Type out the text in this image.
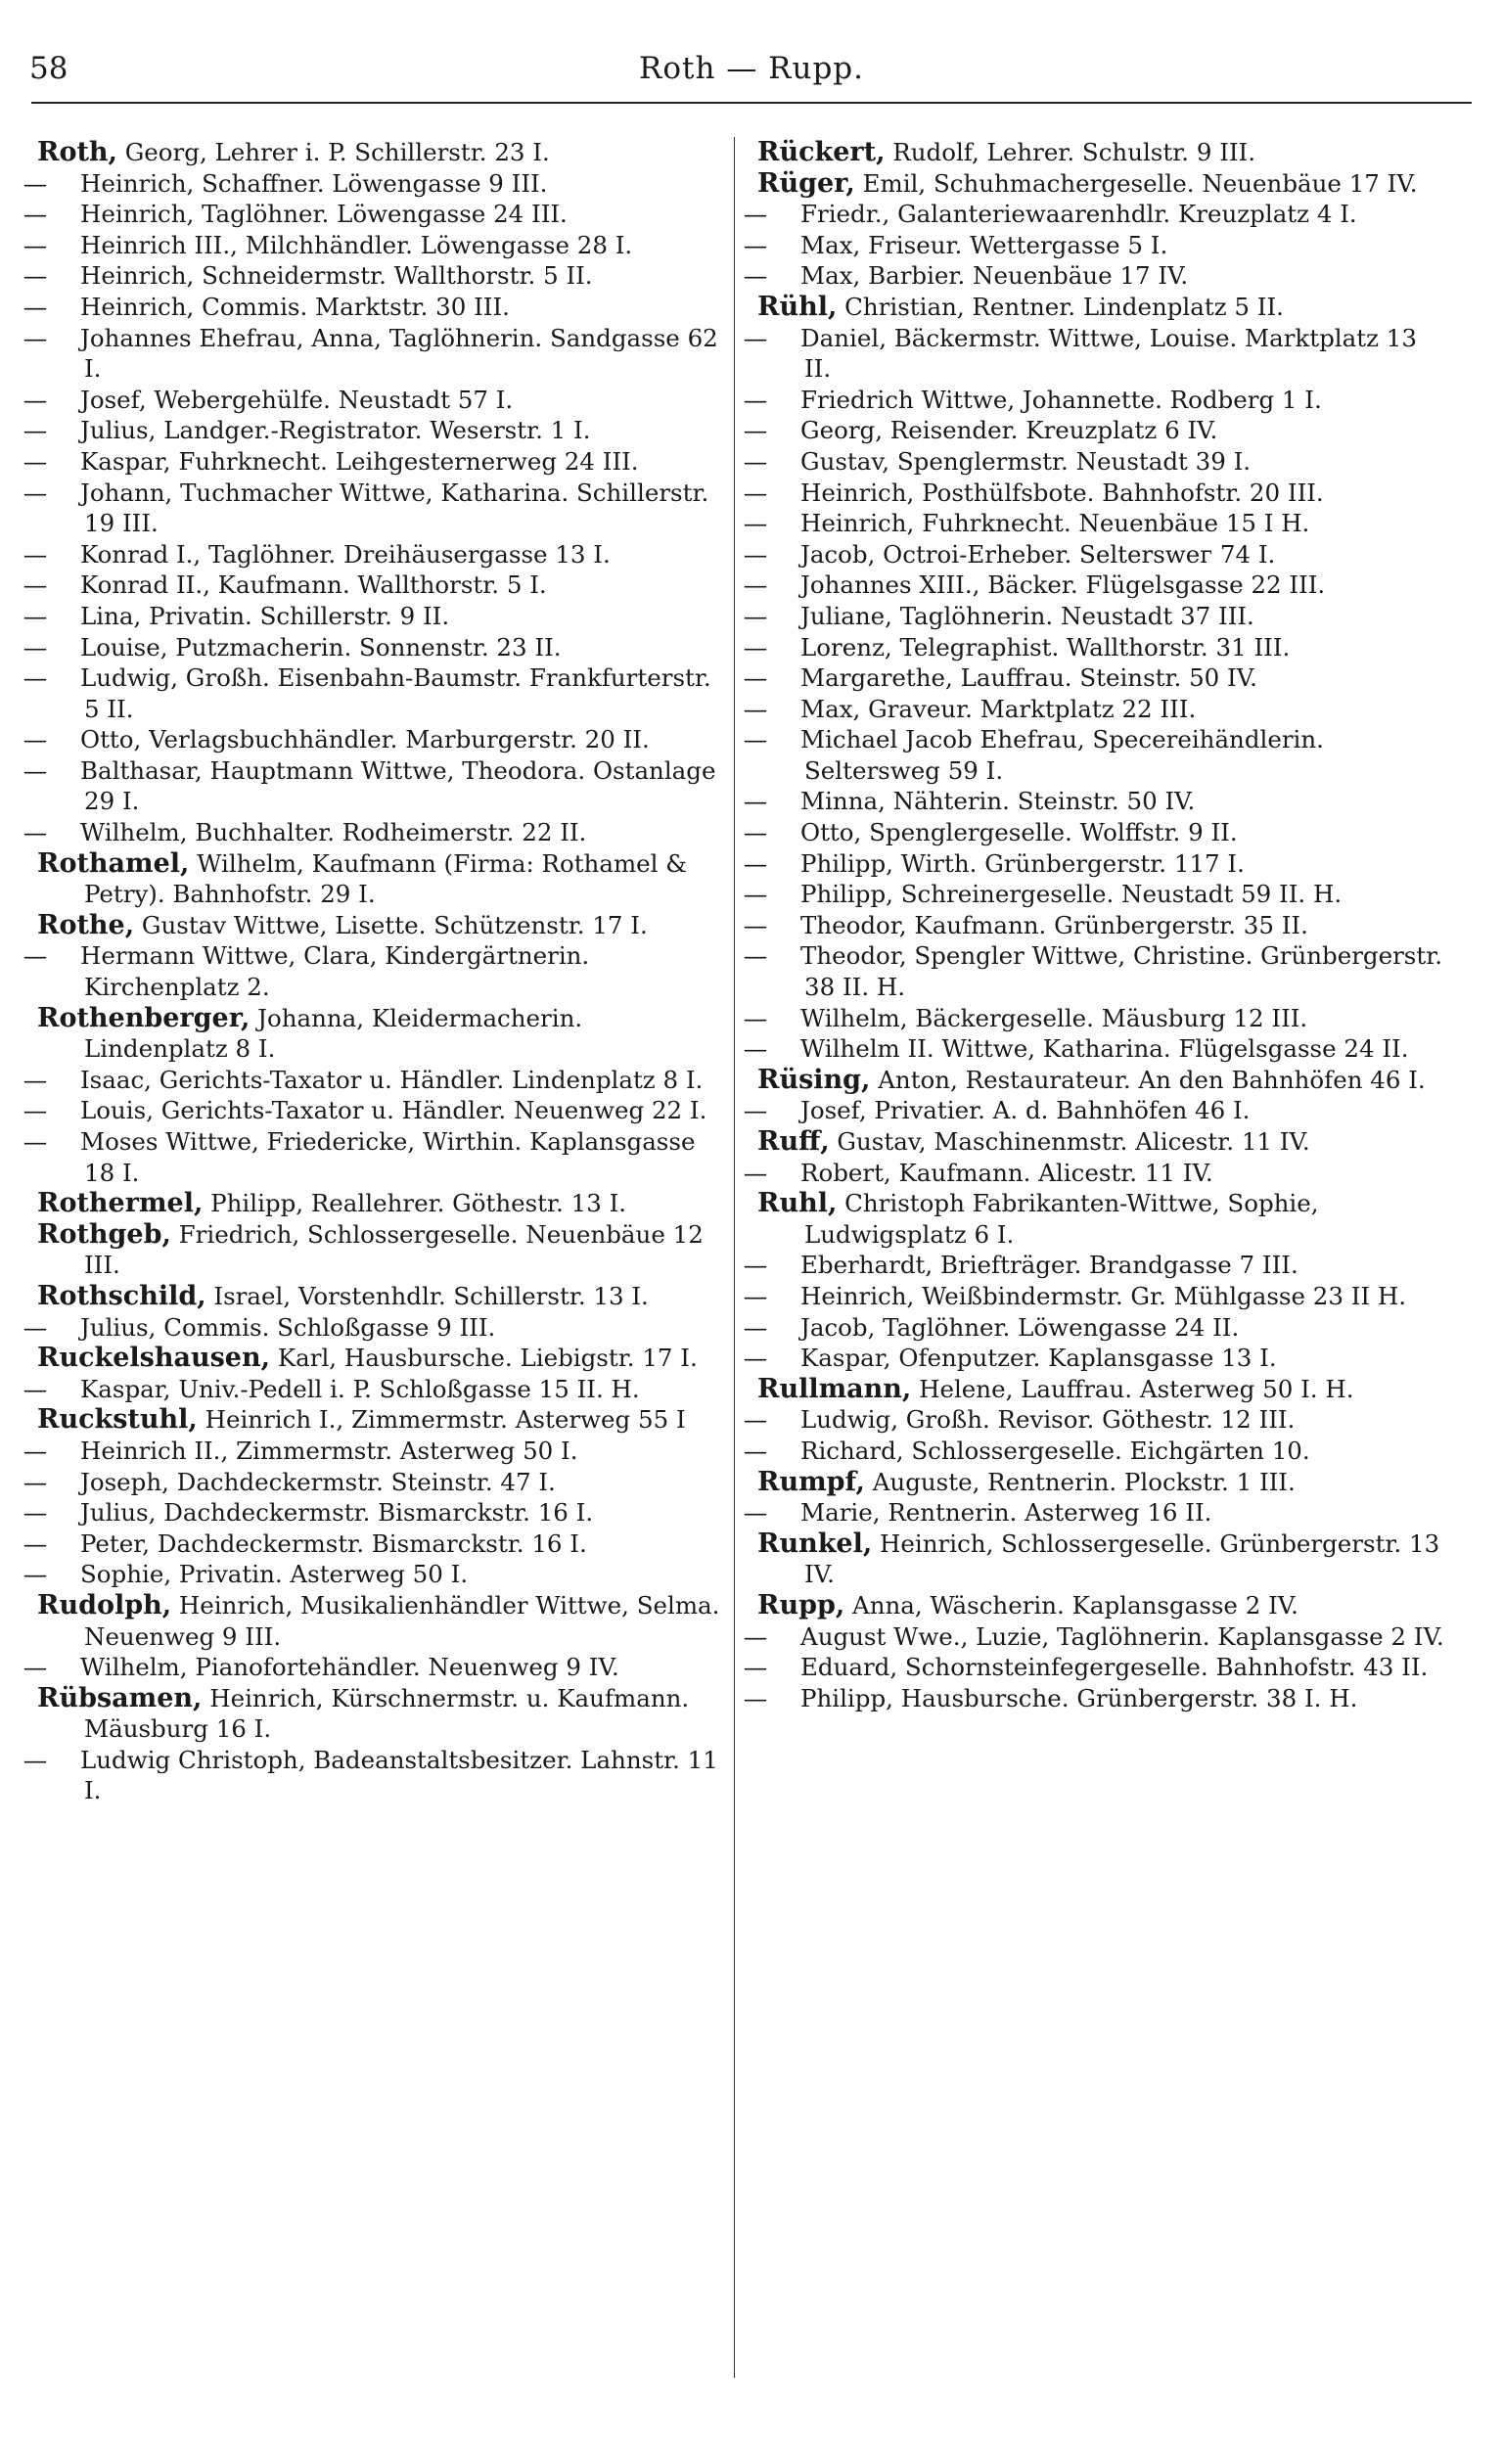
58	Roth — Rupp.

Roth, Georg, Lehrer i. P. Schillerstr. 23 I.

— Heinrich, Schaffner. Löwengasse 9 III.

— Heinrich, Taglöhner. Löwengasse 24 III.

— Heinrich III., Milchhändler. Löwengasse 28 I.

— Heinrich, Schneidermstr. Wallthorstr. 5 II.

— Heinrich, Commis. Marktstr. 30 III.

— Johannes Ehefrau, Anna, Taglöhnerin. Sandgasse 62 I.

— Josef, Webergehülfe. Neustadt 57 I.

— Julius, Landger.-Registrator. Weserstr. 1 I.

— Kaspar, Fuhrknecht. Leihgesternerweg 24 III.

— Johann, Tuchmacher Wittwe, Katharina. Schillerstr. 19 III.

— Konrad I., Taglöhner. Dreihäusergasse 13 I.

— Konrad II., Kaufmann. Wallthorstr. 5 I.

— Lina, Privatin. Schillerstr. 9 II.

— Louise, Putzmacherin. Sonnenstr. 23 II.

— Ludwig, Großh. Eisenbahn-Baumstr. Frankfurterstr. 5 II.

— Otto, Verlagsbuchhändler. Marburgerstr. 20 II.

— Balthasar, Hauptmann Wittwe, Theodora. Ostanlage 29 I.

— Wilhelm, Buchhalter. Rodheimerstr. 22 II.

Rothamel, Wilhelm, Kaufmann (Firma: Rothamel & Petry). Bahnhofstr. 29 I.

Rothe, Gustav Wittwe, Lisette. Schützenstr. 17 I.

— Hermann Wittwe, Clara, Kindergärtnerin. Kirchenplatz 2.

Rothenberger, Johanna, Kleidermacherin. Lindenplatz 8 I.

— Isaac, Gerichts-Taxator u. Händler. Lindenplatz 8 I.

— Louis, Gerichts-Taxator u. Händler. Neuenweg 22 I.

— Moses Wittwe, Friedericke, Wirthin. Kaplansgasse 18 I.

Rothermel, Philipp, Reallehrer. Göthestr. 13 I.

Rothgeb, Friedrich, Schlossergeselle. Neuenbäue 12 III.

Rothschild, Israel, Vorstenhdlr. Schillerstr. 13 I.

— Julius, Commis. Schloßgasse 9 III.

Ruckelshausen, Karl, Hausbursche. Liebigstr. 17 I.

— Kaspar, Univ.-Pedell i. P. Schloßgasse 15 II. H.

Ruckstuhl, Heinrich I., Zimmermstr. Asterweg 55 I

— Heinrich II., Zimmermstr. Asterweg 50 I.

— Joseph, Dachdeckermstr. Steinstr. 47 I.

— Julius, Dachdeckermstr. Bismarckstr. 16 I.

— Peter, Dachdeckermstr. Bismarckstr. 16 I.

— Sophie, Privatin. Asterweg 50 I.

Rudolph, Heinrich, Musikalienhändler Wittwe, Selma. Neuenweg 9 III.

— Wilhelm, Pianofortehändler. Neuenweg 9 IV.

Rübsamen, Heinrich, Kürschnermstr. u. Kaufmann. Mäusburg 16 I.

— Ludwig Christoph, Badeanstaltsbesitzer. Lahnstr. 11 I.

Rückert, Rudolf, Lehrer. Schulstr. 9 III.

Rüger, Emil, Schuhmachergeselle. Neuenbäue 17 IV.

— Friedr., Galanteriewaarenhdlr. Kreuzplatz 4 I.

— Max, Friseur. Wettergasse 5 I.

— Max, Barbier. Neuenbäue 17 IV.

Rühl, Christian, Rentner. Lindenplatz 5 II.

— Daniel, Bäckermstr. Wittwe, Louise. Marktplatz 13 II.

— Friedrich Wittwe, Johannette. Rodberg 1 I.

— Georg, Reisender. Kreuzplatz 6 IV.

— Gustav, Spenglermstr. Neustadt 39 I.

— Heinrich, Posthülfsbote. Bahnhofstr. 20 III.

— Heinrich, Fuhrknecht. Neuenbäue 15 I H.

— Jacob, Octroi-Erheber. Selterswег 74 I.

— Johannes XIII., Bäcker. Flügelsgasse 22 III.

— Juliane, Taglöhnerin. Neustadt 37 III.

— Lorenz, Telegraphist. Wallthorstr. 31 III.

— Margarethe, Lauffrau. Steinstr. 50 IV.

— Max, Graveur. Marktplatz 22 III.

— Michael Jacob Ehefrau, Specereihändlerin. Seltersweg 59 I.

— Minna, Nähterin. Steinstr. 50 IV.

— Otto, Spenglergeselle. Wolffstr. 9 II.

— Philipp, Wirth. Grünbergerstr. 117 I.

— Philipp, Schreinergeselle. Neustadt 59 II. H.

— Theodor, Kaufmann. Grünbergerstr. 35 II.

— Theodor, Spengler Wittwe, Christine. Grünbergerstr. 38 II. H.

— Wilhelm, Bäckergeselle. Mäusburg 12 III.

— Wilhelm II. Wittwe, Katharina. Flügelsgasse 24 II.

Rüsing, Anton, Restaurateur. An den Bahnhöfen 46 I.

— Josef, Privatier. A. d. Bahnhöfen 46 I.

Ruff, Gustav, Maschinenmstr. Alicestr. 11 IV.

— Robert, Kaufmann. Alicestr. 11 IV.

Ruhl, Christoph Fabrikanten-Wittwe, Sophie, Ludwigsplatz 6 I.

— Eberhardt, Briefträger. Brandgasse 7 III.

— Heinrich, Weißbindermstr. Gr. Mühlgasse 23 II H.

— Jacob, Taglöhner. Löwengasse 24 II.

— Kaspar, Ofenputzer. Kaplansgasse 13 I.

Rullmann, Helene, Lauffrau. Asterweg 50 I. H.

— Ludwig, Großh. Revisor. Göthestr. 12 III.

— Richard, Schlossergeselle. Eichgärten 10.

Rumpf, Auguste, Rentnerin. Plockstr. 1 III.

— Marie, Rentnerin. Asterweg 16 II.

Runkel, Heinrich, Schlossergeselle. Grünbergerstr. 13 IV.

Rupp, Anna, Wäscherin. Kaplansgasse 2 IV.

— August Wwe., Luzie, Taglöhnerin. Kaplansgasse 2 IV.

— Eduard, Schornsteinfegergeselle. Bahnhofstr. 43 II.

— Philipp, Hausbursche. Grünbergerstr. 38 I. H.
